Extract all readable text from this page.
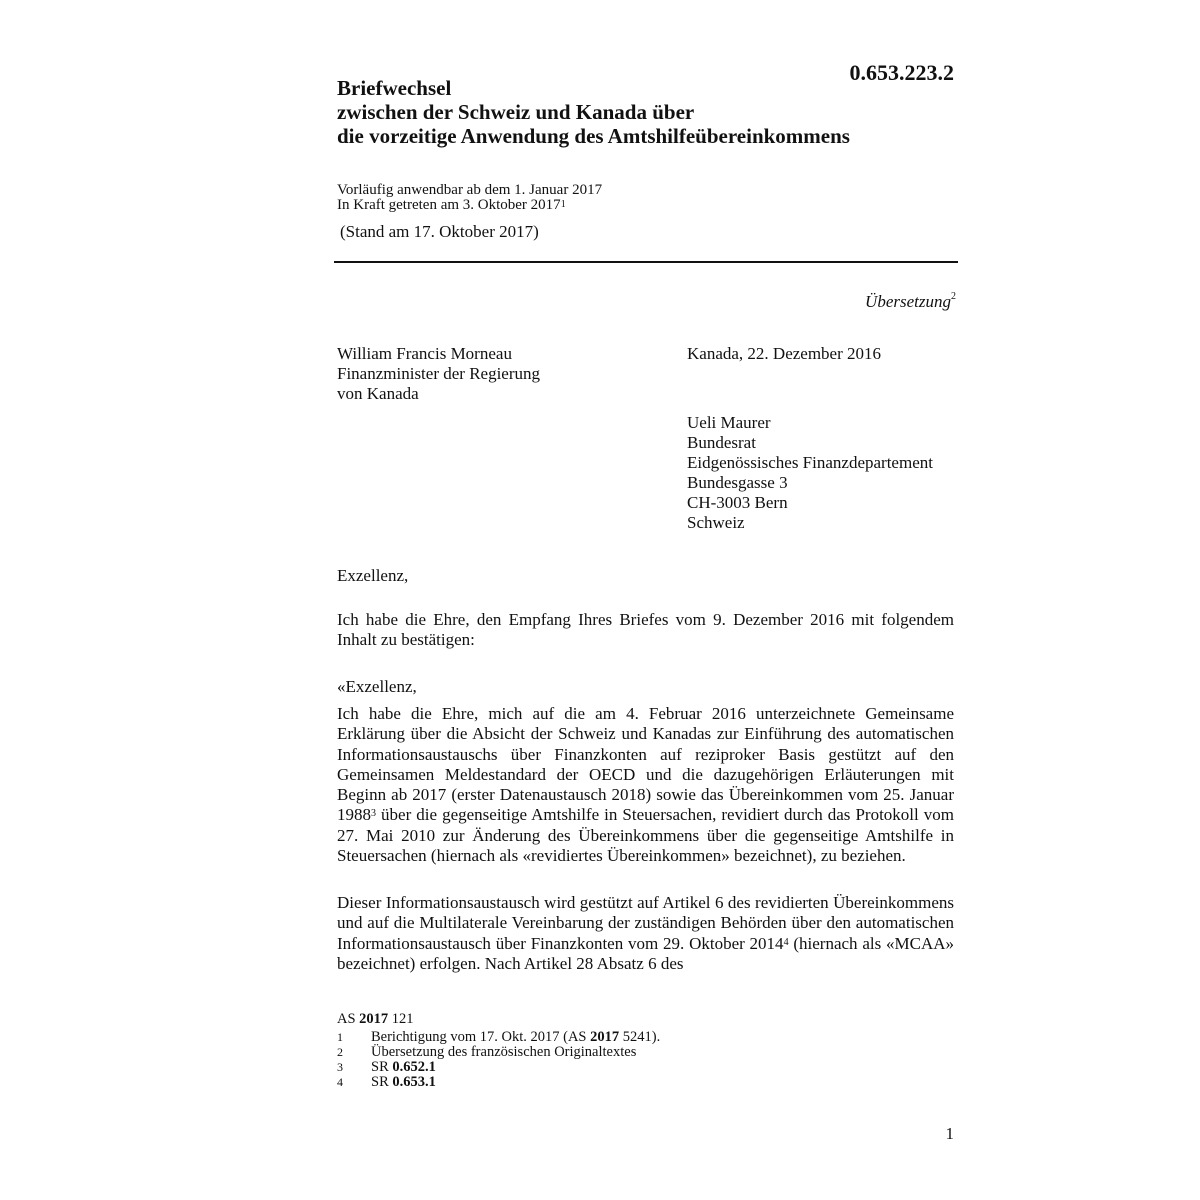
0.653.223.2
Briefwechsel
zwischen der Schweiz und Kanada über
die vorzeitige Anwendung des Amtshilfeübereinkommens
Vorläufig anwendbar ab dem 1. Januar 2017
In Kraft getreten am 3. Oktober 2017$^1$
(Stand am 17. Oktober 2017)
Übersetzung$^2$
William Francis Morneau
Finanzminister der Regierung
von Kanada
Kanada, 22. Dezember 2016
Ueli Maurer
Bundesrat
Eidgenössisches Finanzdepartement
Bundesgasse 3
CH-3003 Bern
Schweiz
Exzellenz,

Ich habe die Ehre, den Empfang Ihres Briefes vom 9. Dezember 2016 mit folgendem Inhalt zu bestätigen:

«Exzellenz,

Ich habe die Ehre, mich auf die am 4. Februar 2016 unterzeichnete Gemeinsame Erklärung über die Absicht der Schweiz und Kanadas zur Einführung des automatischen Informationsaustauschs über Finanzkonten auf reziproker Basis gestützt auf den Gemeinsamen Meldestandard der OECD und die dazugehörigen Erläuterungen mit Beginn ab 2017 (erster Datenaustausch 2018) sowie das Übereinkommen vom 25. Januar 1988$^3$ über die gegenseitige Amtshilfe in Steuersachen, revidiert durch das Protokoll vom 27. Mai 2010 zur Änderung des Übereinkommens über die gegenseitige Amtshilfe in Steuersachen (hiernach als «revidiertes Übereinkommen» bezeichnet), zu beziehen.

Dieser Informationsaustausch wird gestützt auf Artikel 6 des revidierten Übereinkommens und auf die Multilaterale Vereinbarung der zuständigen Behörden über den automatischen Informationsaustausch über Finanzkonten vom 29. Oktober 2014$^4$ (hiernach als «MCAA» bezeichnet) erfolgen. Nach Artikel 28 Absatz 6 des

AS 2017 121
1	Berichtigung vom 17. Okt. 2017 (AS 2017 5241).
2	Übersetzung des französischen Originaltextes
3	SR 0.652.1
4	SR 0.653.1
1
